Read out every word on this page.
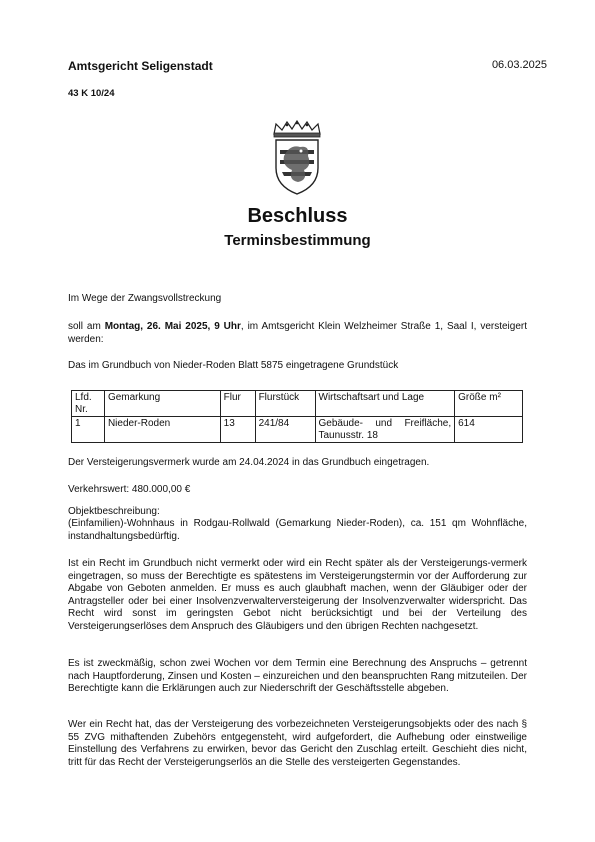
Amtsgericht Seligenstadt	06.03.2025
43 K 10/24
Beschluss
Terminsbestimmung
Im Wege der Zwangsvollstreckung
soll am Montag, 26. Mai 2025, 9 Uhr, im Amtsgericht Klein Welzheimer Straße 1, Saal I, versteigert werden:
Das im Grundbuch von Nieder-Roden Blatt 5875 eingetragene Grundstück
Lfd. Nr.	Gemarkung	Flur	Flurstück	Wirtschaftsart und Lage	Größe m²
1	Nieder-Roden	13	241/84	Gebäude- und Freifläche, Taunusstr. 18	614
Der Versteigerungsvermerk wurde am 24.04.2024 in das Grundbuch eingetragen.
Verkehrswert: 480.000,00 €
Objektbeschreibung:
(Einfamilien)-Wohnhaus in Rodgau-Rollwald (Gemarkung Nieder-Roden), ca. 151 qm Wohnfläche, instandhaltungsbedürftig.
Ist ein Recht im Grundbuch nicht vermerkt oder wird ein Recht später als der Versteigerungs-vermerk eingetragen, so muss der Berechtigte es spätestens im Versteigerungstermin vor der Aufforderung zur Abgabe von Geboten anmelden. Er muss es auch glaubhaft machen, wenn der Gläubiger oder der Antragsteller oder bei einer Insolvenzverwalterversteigerung der Insolvenzverwalter widerspricht. Das Recht wird sonst im geringsten Gebot nicht berücksichtigt und bei der Verteilung des Versteigerungserlöses dem Anspruch des Gläubigers und den übrigen Rechten nachgesetzt.
Es ist zweckmäßig, schon zwei Wochen vor dem Termin eine Berechnung des Anspruchs – getrennt nach Hauptforderung, Zinsen und Kosten – einzureichen und den beanspruchten Rang mitzuteilen. Der Berechtigte kann die Erklärungen auch zur Niederschrift der Geschäftsstelle abgeben.
Wer ein Recht hat, das der Versteigerung des vorbezeichneten Versteigerungsobjekts oder des nach § 55 ZVG mithaftenden Zubehörs entgegensteht, wird aufgefordert, die Aufhebung oder einstweilige Einstellung des Verfahrens zu erwirken, bevor das Gericht den Zuschlag erteilt. Geschieht dies nicht, tritt für das Recht der Versteigerungserlös an die Stelle des versteigerten Gegenstandes.
